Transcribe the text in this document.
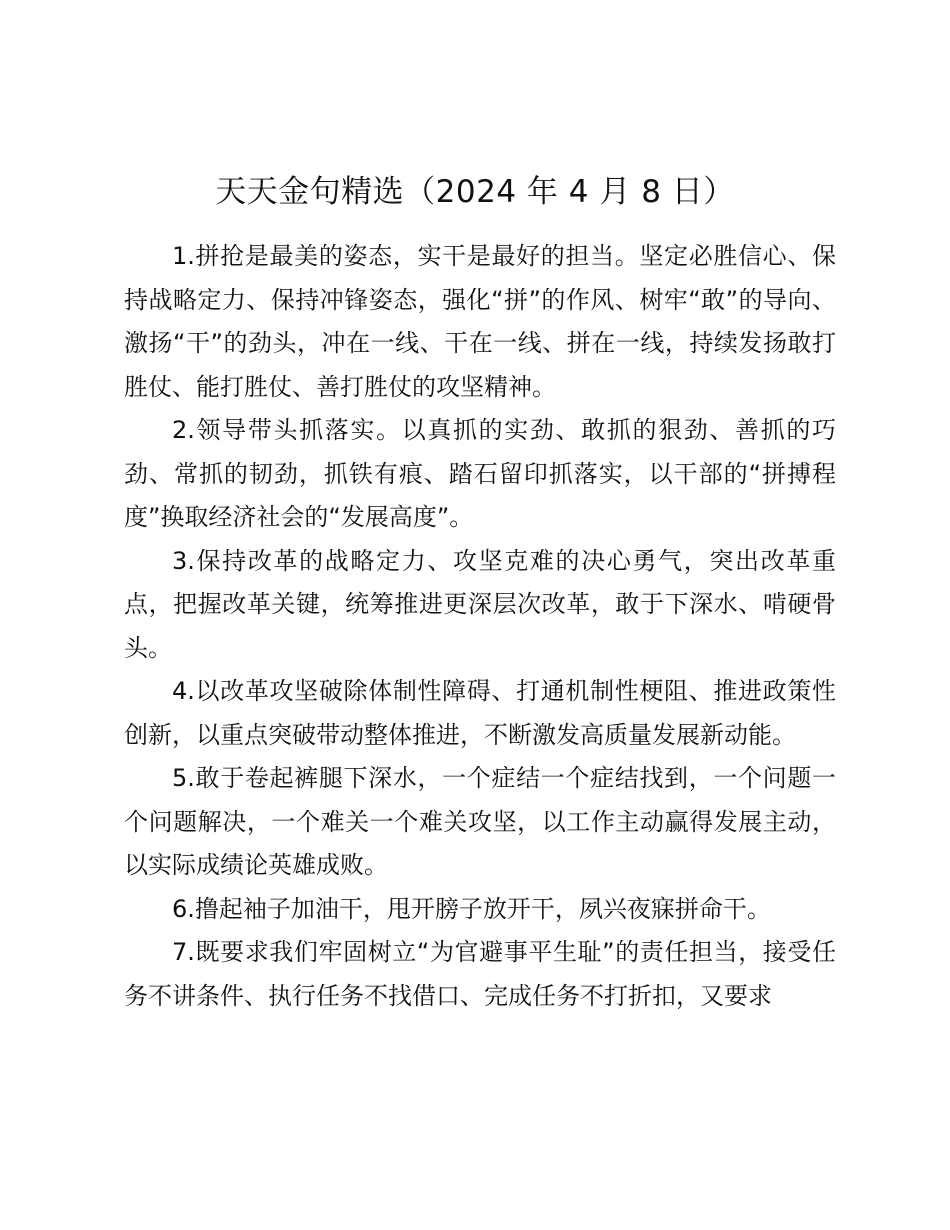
天天金句精选（2024 年 4 月 8 日）

1.拼抢是最美的姿态，实干是最好的担当。坚定必胜信心、保持战略定力、保持冲锋姿态，强化“拼”的作风、树牢“敢”的导向、激扬“干”的劲头，冲在一线、干在一线、拼在一线，持续发扬敢打胜仗、能打胜仗、善打胜仗的攻坚精神。

2.领导带头抓落实。以真抓的实劲、敢抓的狠劲、善抓的巧劲、常抓的韧劲，抓铁有痕、踏石留印抓落实，以干部的“拼搏程度”换取经济社会的“发展高度”。

3.保持改革的战略定力、攻坚克难的决心勇气，突出改革重点，把握改革关键，统筹推进更深层次改革，敢于下深水、啃硬骨头。

4.以改革攻坚破除体制性障碍、打通机制性梗阻、推进政策性创新，以重点突破带动整体推进，不断激发高质量发展新动能。

5.敢于卷起裤腿下深水，一个症结一个症结找到，一个问题一个问题解决，一个难关一个难关攻坚，以工作主动赢得发展主动，以实际成绩论英雄成败。

6.撸起袖子加油干，甩开膀子放开干，夙兴夜寐拼命干。

7.既要求我们牢固树立“为官避事平生耻”的责任担当，接受任务不讲条件、执行任务不找借口、完成任务不打折扣，又要求
